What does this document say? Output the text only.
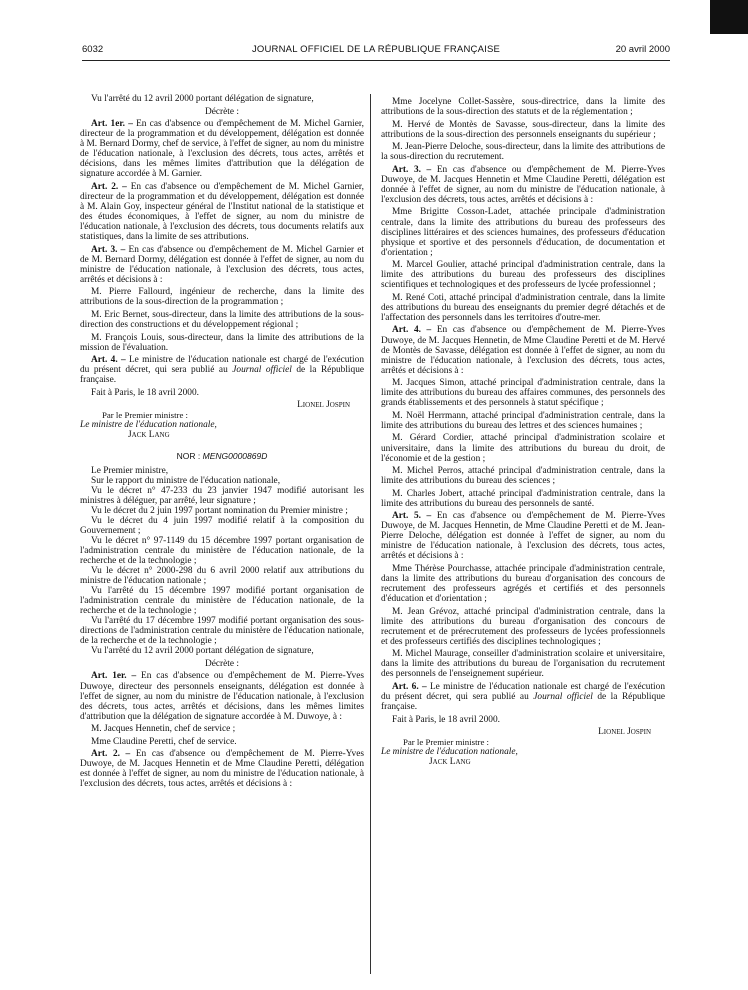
6032	JOURNAL OFFICIEL DE LA RÉPUBLIQUE FRANÇAISE	20 avril 2000

Vu l'arrêté du 12 avril 2000 portant délégation de signature,

Décrète :

Art. 1er. – En cas d'absence ou d'empêchement de M. Michel Garnier, directeur de la programmation et du développement, délégation est donnée à M. Bernard Dormy, chef de service, à l'effet de signer, au nom du ministre de l'éducation nationale, à l'exclusion des décrets, tous actes, arrêtés et décisions, dans les mêmes limites d'attribution que la délégation de signature accordée à M. Garnier.

Art. 2. – En cas d'absence ou d'empêchement de M. Michel Garnier, directeur de la programmation et du développement, délégation est donnée à M. Alain Goy, inspecteur général de l'Institut national de la statistique et des études économiques, à l'effet de signer, au nom du ministre de l'éducation nationale, à l'exclusion des décrets, tous documents relatifs aux statistiques, dans la limite de ses attributions.

Art. 3. – En cas d'absence ou d'empêchement de M. Michel Garnier et de M. Bernard Dormy, délégation est donnée à l'effet de signer, au nom du ministre de l'éducation nationale, à l'exclusion des décrets, tous actes, arrêtés et décisions à :

M. Pierre Fallourd, ingénieur de recherche, dans la limite des attributions de la sous-direction de la programmation ;

M. Eric Bernet, sous-directeur, dans la limite des attributions de la sous-direction des constructions et du développement régional ;

M. François Louis, sous-directeur, dans la limite des attributions de la mission de l'évaluation.

Art. 4. – Le ministre de l'éducation nationale est chargé de l'exécution du présent décret, qui sera publié au Journal officiel de la République française.

Fait à Paris, le 18 avril 2000.

Lionel Jospin

Par le Premier ministre :

Le ministre de l'éducation nationale,

Jack Lang

NOR : MENG0000869D

Le Premier ministre,

Sur le rapport du ministre de l'éducation nationale,

Vu le décret n° 47-233 du 23 janvier 1947 modifié autorisant les ministres à déléguer, par arrêté, leur signature ;

Vu le décret du 2 juin 1997 portant nomination du Premier ministre ;

Vu le décret du 4 juin 1997 modifié relatif à la composition du Gouvernement ;

Vu le décret n° 97-1149 du 15 décembre 1997 portant organisation de l'administration centrale du ministère de l'éducation nationale, de la recherche et de la technologie ;

Vu le décret n° 2000-298 du 6 avril 2000 relatif aux attributions du ministre de l'éducation nationale ;

Vu l'arrêté du 15 décembre 1997 modifié portant organisation de l'administration centrale du ministère de l'éducation nationale, de la recherche et de la technologie ;

Vu l'arrêté du 17 décembre 1997 modifié portant organisation des sous-directions de l'administration centrale du ministère de l'éducation nationale, de la recherche et de la technologie ;

Vu l'arrêté du 12 avril 2000 portant délégation de signature,

Décrète :

Art. 1er. – En cas d'absence ou d'empêchement de M. Pierre-Yves Duwoye, directeur des personnels enseignants, délégation est donnée à l'effet de signer, au nom du ministre de l'éducation nationale, à l'exclusion des décrets, tous actes, arrêtés et décisions, dans les mêmes limites d'attribution que la délégation de signature accordée à M. Duwoye, à :

M. Jacques Hennetin, chef de service ;

Mme Claudine Peretti, chef de service.

Art. 2. – En cas d'absence ou d'empêchement de M. Pierre-Yves Duwoye, de M. Jacques Hennetin et de Mme Claudine Peretti, délégation est donnée à l'effet de signer, au nom du ministre de l'éducation nationale, à l'exclusion des décrets, tous actes, arrêtés et décisions à :

Mme Jocelyne Collet-Sassère, sous-directrice, dans la limite des attributions de la sous-direction des statuts et de la réglementation ;

M. Hervé de Montès de Savasse, sous-directeur, dans la limite des attributions de la sous-direction des personnels enseignants du supérieur ;

M. Jean-Pierre Deloche, sous-directeur, dans la limite des attributions de la sous-direction du recrutement.

Art. 3. – En cas d'absence ou d'empêchement de M. Pierre-Yves Duwoye, de M. Jacques Hennetin et Mme Claudine Peretti, délégation est donnée à l'effet de signer, au nom du ministre de l'éducation nationale, à l'exclusion des décrets, tous actes, arrêtés et décisions à :

Mme Brigitte Cosson-Ladet, attachée principale d'administration centrale, dans la limite des attributions du bureau des professeurs des disciplines littéraires et des sciences humaines, des professeurs d'éducation physique et sportive et des personnels d'éducation, de documentation et d'orientation ;

M. Marcel Goulier, attaché principal d'administration centrale, dans la limite des attributions du bureau des professeurs des disciplines scientifiques et technologiques et des professeurs de lycée professionnel ;

M. René Coti, attaché principal d'administration centrale, dans la limite des attributions du bureau des enseignants du premier degré détachés et de l'affectation des personnels dans les territoires d'outre-mer.

Art. 4. – En cas d'absence ou d'empêchement de M. Pierre-Yves Duwoye, de M. Jacques Hennetin, de Mme Claudine Peretti et de M. Hervé de Montès de Savasse, délégation est donnée à l'effet de signer, au nom du ministre de l'éducation nationale, à l'exclusion des décrets, tous actes, arrêtés et décisions à :

M. Jacques Simon, attaché principal d'administration centrale, dans la limite des attributions du bureau des affaires communes, des personnels des grands établissements et des personnels à statut spécifique ;

M. Noël Herrmann, attaché principal d'administration centrale, dans la limite des attributions du bureau des lettres et des sciences humaines ;

M. Gérard Cordier, attaché principal d'administration scolaire et universitaire, dans la limite des attributions du bureau du droit, de l'économie et de la gestion ;

M. Michel Perros, attaché principal d'administration centrale, dans la limite des attributions du bureau des sciences ;

M. Charles Jobert, attaché principal d'administration centrale, dans la limite des attributions du bureau des personnels de santé.

Art. 5. – En cas d'absence ou d'empêchement de M. Pierre-Yves Duwoye, de M. Jacques Hennetin, de Mme Claudine Peretti et de M. Jean-Pierre Deloche, délégation est donnée à l'effet de signer, au nom du ministre de l'éducation nationale, à l'exclusion des décrets, tous actes, arrêtés et décisions à :

Mme Thérèse Pourchasse, attachée principale d'administration centrale, dans la limite des attributions du bureau d'organisation des concours de recrutement des professeurs agrégés et certifiés et des personnels d'éducation et d'orientation ;

M. Jean Grévoz, attaché principal d'administration centrale, dans la limite des attributions du bureau d'organisation des concours de recrutement et de prérecrutement des professeurs de lycées professionnels et des professeurs certifiés des disciplines technologiques ;

M. Michel Maurage, conseiller d'administration scolaire et universitaire, dans la limite des attributions du bureau de l'organisation du recrutement des personnels de l'enseignement supérieur.

Art. 6. – Le ministre de l'éducation nationale est chargé de l'exécution du présent décret, qui sera publié au Journal officiel de la République française.

Fait à Paris, le 18 avril 2000.

Lionel Jospin

Par le Premier ministre :

Le ministre de l'éducation nationale,

Jack Lang
